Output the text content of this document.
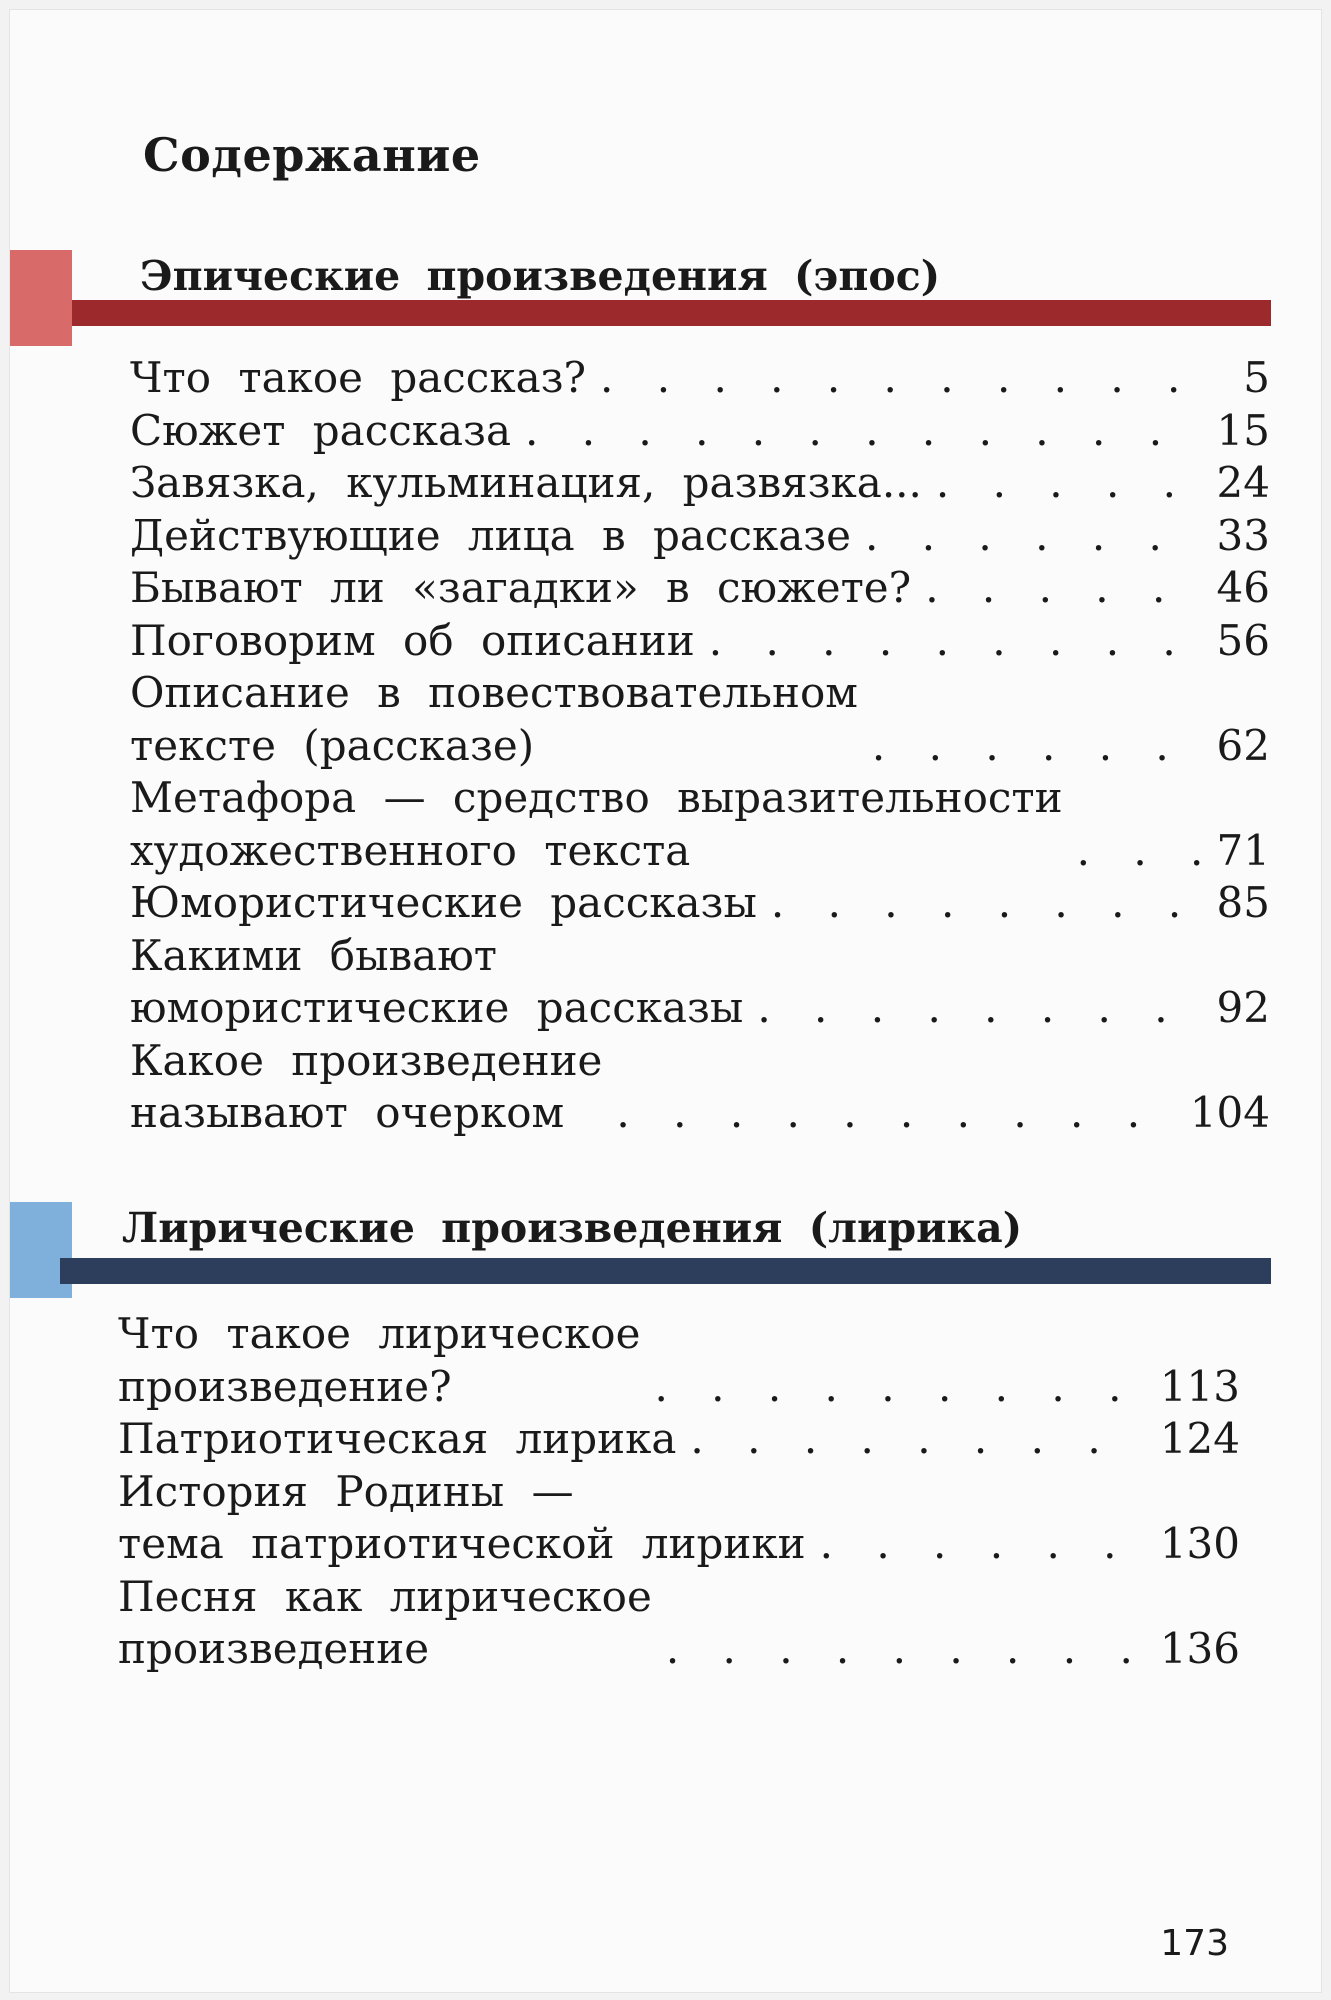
Содержание
Эпические произведения (эпос)
Что такое рассказ? . . .	5
Сюжет рассказа . . .	15
Завязка, кульминация, развязка... . . .	24
Действующие лица в рассказе . . .	33
Бывают ли «загадки» в сюжете? . . .	46
Поговорим об описании . . .	56
Описание в повествовательном
тексте (рассказе) . . .	62
Метафора — средство выразительности
художественного текста . . .	71
Юмористические рассказы . . .	85
Какими бывают
юмористические рассказы . . .	92
Какое произведение
называют очерком . . .	104
Лирические произведения (лирика)
Что такое лирическое
произведение? . . .	113
Патриотическая лирика . . .	124
История Родины —
тема патриотической лирики . . .	130
Песня как лирическое
произведение . . .	136
173
